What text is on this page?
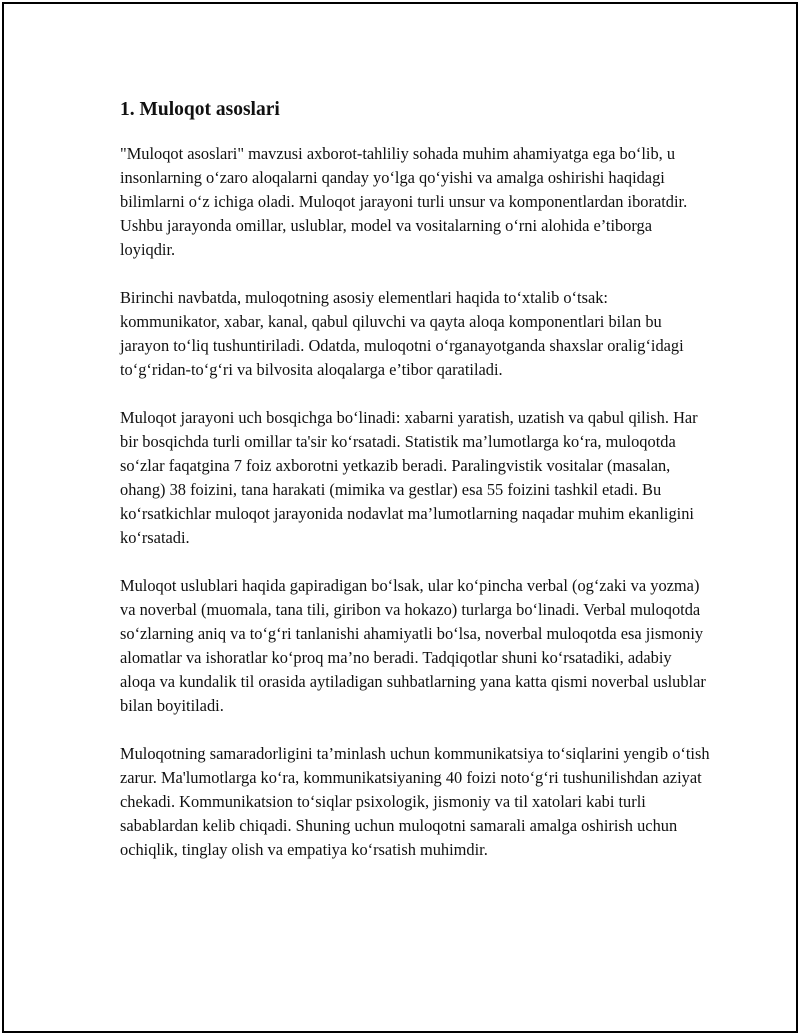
1. Muloqot asoslari

"Muloqot asoslari" mavzusi axborot-tahliliy sohada muhim ahamiyatga ega bo‘lib, u insonlarning o‘zaro aloqalarni qanday yo‘lga qo‘yishi va amalga oshirishi haqidagi bilimlarni o‘z ichiga oladi. Muloqot jarayoni turli unsur va komponentlardan iboratdir. Ushbu jarayonda omillar, uslublar, model va vositalarning o‘rni alohida e’tiborga loyiqdir.

Birinchi navbatda, muloqotning asosiy elementlari haqida to‘xtalib o‘tsak: kommunikator, xabar, kanal, qabul qiluvchi va qayta aloqa komponentlari bilan bu jarayon to‘liq tushuntiriladi. Odatda, muloqotni o‘rganayotganda shaxslar oralig‘idagi to‘g‘ridan-to‘g‘ri va bilvosita aloqalarga e’tibor qaratiladi.

Muloqot jarayoni uch bosqichga bo‘linadi: xabarni yaratish, uzatish va qabul qilish. Har bir bosqichda turli omillar ta'sir ko‘rsatadi. Statistik ma’lumotlarga ko‘ra, muloqotda so‘zlar faqatgina 7 foiz axborotni yetkazib beradi. Paralingvistik vositalar (masalan, ohang) 38 foizini, tana harakati (mimika va gestlar) esa 55 foizini tashkil etadi. Bu ko‘rsatkichlar muloqot jarayonida nodavlat ma’lumotlarning naqadar muhim ekanligini ko‘rsatadi.

Muloqot uslublari haqida gapiradigan bo‘lsak, ular ko‘pincha verbal (og‘zaki va yozma) va noverbal (muomala, tana tili, giribon va hokazo) turlarga bo‘linadi. Verbal muloqotda so‘zlarning aniq va to‘g‘ri tanlanishi ahamiyatli bo‘lsa, noverbal muloqotda esa jismoniy alomatlar va ishoratlar ko‘proq ma’no beradi. Tadqiqotlar shuni ko‘rsatadiki, adabiy aloqa va kundalik til orasida aytiladigan suhbatlarning yana katta qismi noverbal uslublar bilan boyitiladi.

Muloqotning samaradorligini ta’minlash uchun kommunikatsiya to‘siqlarini yengib o‘tish zarur. Ma'lumotlarga ko‘ra, kommunikatsiyaning 40 foizi noto‘g‘ri tushunilishdan aziyat chekadi. Kommunikatsion to‘siqlar psixologik, jismoniy va til xatolari kabi turli sabablardan kelib chiqadi. Shuning uchun muloqotni samarali amalga oshirish uchun ochiqlik, tinglay olish va empatiya ko‘rsatish muhimdir.
